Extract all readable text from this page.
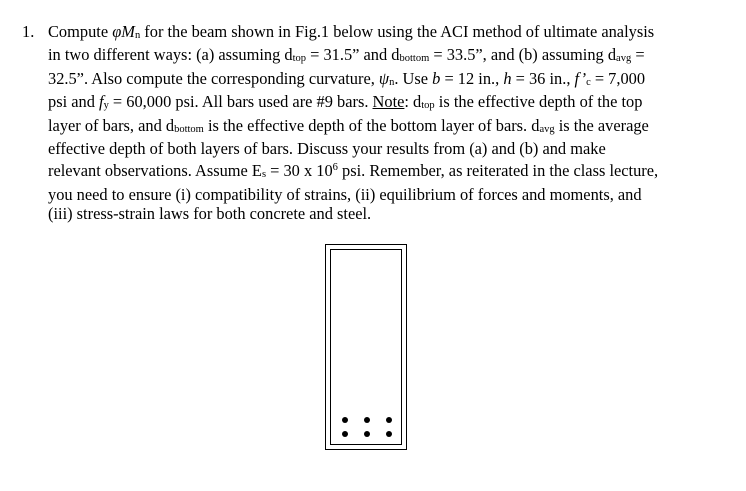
1. Compute φMn for the beam shown in Fig.1 below using the ACI method of ultimate analysis
in two different ways: (a) assuming dtop = 31.5” and dbottom = 33.5”, and (b) assuming davg =
32.5”. Also compute the corresponding curvature, ψn. Use b = 12 in., h = 36 in., f’c = 7,000
psi and fy = 60,000 psi. All bars used are #9 bars. Note: dtop is the effective depth of the top
layer of bars, and dbottom is the effective depth of the bottom layer of bars. davg is the average
effective depth of both layers of bars. Discuss your results from (a) and (b) and make
relevant observations. Assume Es = 30 x $10^6$ psi. Remember, as reiterated in the class lecture,
you need to ensure (i) compatibility of strains, (ii) equilibrium of forces and moments, and
(iii) stress-strain laws for both concrete and steel.
